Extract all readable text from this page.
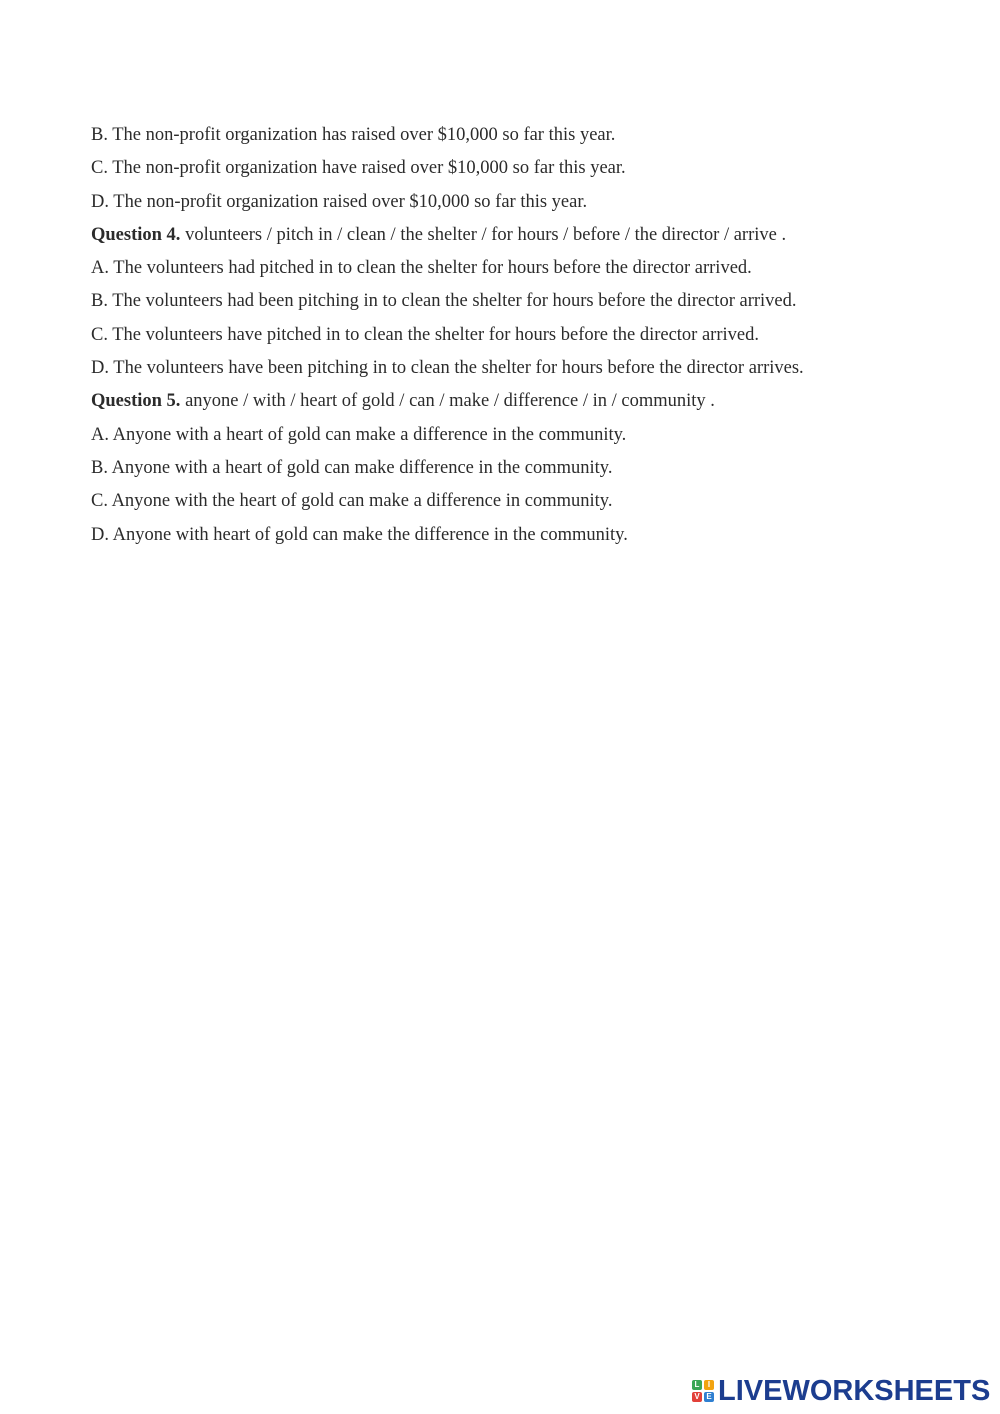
B. The non-profit organization has raised over $10,000 so far this year.
C. The non-profit organization have raised over $10,000 so far this year.
D. The non-profit organization raised over $10,000 so far this year.
Question 4. volunteers / pitch in / clean / the shelter / for hours / before / the director / arrive .
A. The volunteers had pitched in to clean the shelter for hours before the director arrived.
B. The volunteers had been pitching in to clean the shelter for hours before the director arrived.
C. The volunteers have pitched in to clean the shelter for hours before the director arrived.
D. The volunteers have been pitching in to clean the shelter for hours before the director arrives.
Question 5. anyone / with / heart of gold / can / make / difference / in / community .
A. Anyone with a heart of gold can make a difference in the community.
B. Anyone with a heart of gold can make difference in the community.
C. Anyone with the heart of gold can make a difference in community.
D. Anyone with heart of gold can make the difference in the community.
L	I
V E LIVEWORKSHEETS
